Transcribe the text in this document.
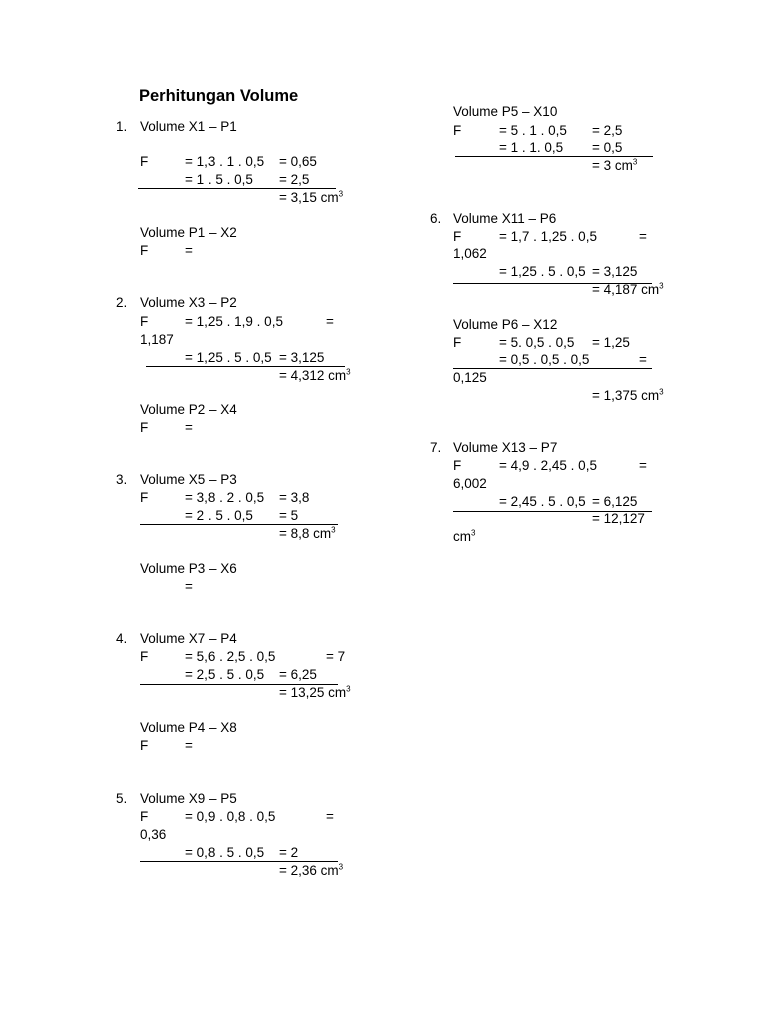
Perhitungan Volume
1. Volume X1 – P1
F	= 1,3 . 1 . 0,5 = 0,65
= 1 . 5 . 0,5 = 2,5
= 3,15 $cm^3$
Volume P1 – X2
F	=
2. Volume X3 – P2
F	= 1,25 . 1,9 . 0,5	=
1,187
= 1,25 . 5 . 0,5 = 3,125
= 4,312 $cm^3$
Volume P2 – X4
F	=
3. Volume X5 – P3
F	= 3,8 . 2 . 0,5 = 3,8
= 2 . 5 . 0,5 = 5
= 8,8 $cm^3$
Volume P3 – X6
=
4. Volume X7 – P4
F	= 5,6 . 2,5 . 0,5	= 7
= 2,5 . 5 . 0,5 = 6,25
= 13,25 $cm^3$
Volume P4 – X8
F	=
5. Volume X9 – P5
F	= 0,9 . 0,8 . 0,5	=
0,36
= 0,8 . 5 . 0,5 = 2
= 2,36 $cm^3$
Volume P5 – X10
F	= 5 . 1 . 0,5 = 2,5
= 1 . 1. 0,5 = 0,5
= 3 $cm^3$
6. Volume X11 – P6
F	= 1,7 . 1,25 . 0,5	=
1,062
= 1,25 . 5 . 0,5 = 3,125
= 4,187 $cm^3$
Volume P6 – X12
F	= 5. 0,5 . 0,5 = 1,25
= 0,5 . 0,5 . 0,5	=
0,125
= 1,375 $cm^3$
7. Volume X13 – P7
F	= 4,9 . 2,45 . 0,5	=
6,002
= 2,45 . 5 . 0,5 = 6,125
= 12,127
$cm^3$
